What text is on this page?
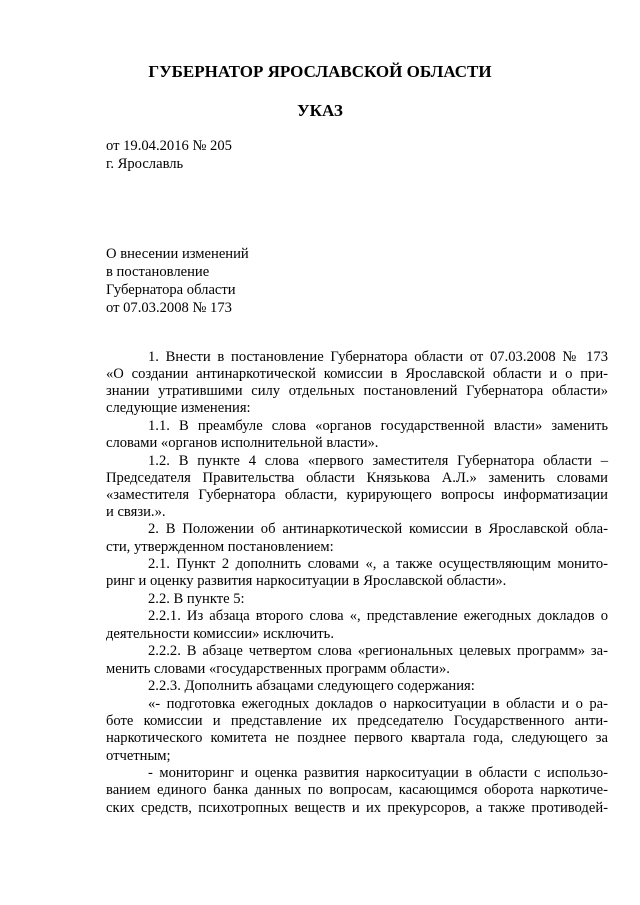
ГУБЕРНАТОР ЯРОСЛАВСКОЙ ОБЛАСТИ
УКАЗ
от 19.04.2016 № 205
г. Ярославль
О внесении изменений
в постановление
Губернатора области
от 07.03.2008 № 173
1. Внести в постановление Губернатора области от 07.03.2008 № 173
«О создании антинаркотической комиссии в Ярославской области и о при-
знании утратившими силу отдельных постановлений Губернатора области»
следующие изменения:
1.1. В преамбуле слова «органов государственной власти» заменить
словами «органов исполнительной власти».
1.2. В пункте 4 слова «первого заместителя Губернатора области –
Председателя Правительства области Князькова А.Л.» заменить словами
«заместителя Губернатора области, курирующего вопросы информатизации
и связи.».
2. В Положении об антинаркотической комиссии в Ярославской обла-
сти, утвержденном постановлением:
2.1. Пункт 2 дополнить словами «, а также осуществляющим монито-
ринг и оценку развития наркоситуации в Ярославской области».
2.2. В пункте 5:
2.2.1. Из абзаца второго слова «, представление ежегодных докладов о
деятельности комиссии» исключить.
2.2.2. В абзаце четвертом слова «региональных целевых программ» за-
менить словами «государственных программ области».
2.2.3. Дополнить абзацами следующего содержания:
«- подготовка ежегодных докладов о наркоситуации в области и о ра-
боте комиссии и представление их председателю Государственного анти-
наркотического комитета не позднее первого квартала года, следующего за
отчетным;
- мониторинг и оценка развития наркоситуации в области с использо-
ванием единого банка данных по вопросам, касающимся оборота наркотиче-
ских средств, психотропных веществ и их прекурсоров, а также противодей-
